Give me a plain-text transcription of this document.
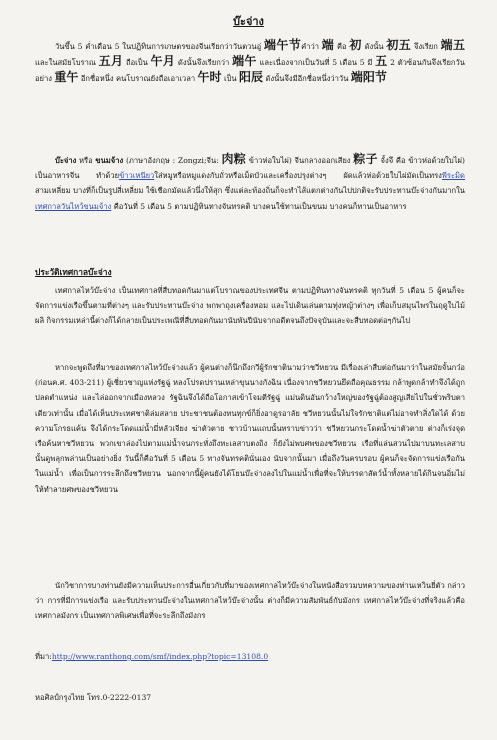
บ๊ะจ่าง
วันขึ้น 5 ค่ำเดือน 5 ในปฏิทินการเกษตรของจีนเรียกว่าวันตวนอู่ 端午节คำว่า 端 คือ 初 ดังนั้น 初五 จึงเรียก 端五 และในสมัยโบราณ 五月 ถือเป็น 午月 ดังนั้นจึงเรียกว่า 端午 และเนื่องจากเป็นวันที่ 5 เดือน 5 มี 五 2 ตัวซ้อนกันจึงเรียกวันอย่าง 重午 อีกชื่อหนึ่ง คนโบราณยังถือเอาเวลา 午时 เป็น 阳辰 ดังนั้นจึงมีอีกชื่อหนึ่งว่าวัน 端阳节
บ๊ะจ่าง หรือ ขนมจ้าง (ภาษาอังกฤษ : Zongzi;จีน: 肉粽 ข้าวห่อใบไผ่) จีนกลางออกเสียง 粽子 จั้งจึ คือ ข้าวห่อด้วยใบไผ่) เป็นอาหารจีน ทำด้วยข้าวเหนียวใส่หมูหรือหมูแดงกับถั่วหรือเม็ดบัวและเครื่องปรุงต่างๆ ผัดแล้วห่อด้วยใบไผ่มัดเป็นทรงพีระมิดสามเหลี่ยม บางที่ก็เป็นรูปสี่เหลี่ยม ใช้เชือกมัดแล้วนึ่งให้สุก ซึ่งแต่ละท้องถิ่นก็จะทำไส้แตกต่างกันไปปกติจะรับประทานบ๊ะจ่างกันมากในเทศกาลวันไหว้ขนมจ้าง คือวันที่ 5 เดือน 5 ตามปฏิทินทางจันทรคติ บางคนใช้ทานเป็นขนม บางคนก็ทานเป็นอาหาร
ประวัติเทศกาลบ๊ะจ่าง
เทศกาลไหว้บ๊ะจ่าง เป็นเทศกาลที่สืบทอดกันมาแต่โบราณของประเทศจีน ตามปฏิทินทางจันทรคติ ทุกวันที่ 5 เดือน 5 ผู้คนก็จะจัดการแข่งเรือขึ้นตามที่ต่างๆ และรับประทานบ๊ะจ่าง พกพาถุงเครื่องหอม และไปเดินเล่นตามทุ่งหญ้าต่างๆ เพื่อเก็บสมุนไพรในฤดูใบไม้ผลิ กิจกรรมเหล่านี้ต่างก็ได้กลายเป็นประเพณีที่สืบทอดกันมานับพันปีนับจากอดีตจนถึงปัจจุบันและจะสืบทอดต่อๆกันไป
หากจะพูดถึงที่มาของเทศกาลไหว้บ๊ะจ่างแล้ว ผู้คนต่างก็นึกถึงกวีผู้รักชาตินามว่าชวีหยวน มีเรื่องเล่าสืบต่อกันมาว่าในสมัยจั้นกว๋อ (ก่อนค.ศ. 403-211) ผู้เชี่ยวชาญแห่งรัฐฉู่ หลงโปรดปรานเหล่าขุนนางกังฉิน เนื่องจากชวีหยวนยึดถือคุณธรรม กล้าพูดกล้าทำจึงได้ถูกปลดตำแหน่ง และไล่ออกจากเมืองหลวง รัฐฉินจึงได้ถือโอกาสเข้าโจมตีรัฐฉู่ แม่นดินอันกว้างใหญ่ของรัฐฉู่ต้องสูญเสียไปในชั่วพริบตาเดียวเท่านั้น เมื่อได้เห็นประเทศชาติล่มสลาย ประชาชนต้องทนทุกข์ก็ยิ่งอาดูรอาลัย ชวีหยวนนั้นไม่ใจรักชาติแต่ไม่อาจทำสิ่งใดได้ ด้วยความโกรธแค้น จึงได้กระโดดแม่น้ำมี่หลัวเจียง ฆ่าตัวตาย ชาวบ้านแถบนั้นทราบข่าวว่า ชวีหยวนกระโดดน้ำฆ่าตัวตาย ต่างก็เร่งจุดเรือค้นหาชวีหยวน พวกเขาล่องไปตามแม่น้ำจนกระทั่งถึงทะเลสาบตงถิง ก็ยังไม่พบศพของชวีหยวน เรือที่แล่นสวนไปมาบนทะเลสาบนั้นดูพลุกพล่านเป็นอย่างยิ่ง วันนี้ก็คือวันที่ 5 เดือน 5 ทางจันทรคตินั่นเอง นับจากนั้นมา เมื่อถึงวันครบรอบ ผู้คนก็จะจัดการแข่งเรือกันในแม่น้ำ เพื่อเป็นการระลึกถึงชวีหยวน นอกจากนี้ผู้คนยังได้โยนบ๊ะจ่างลงไปในแม่น้ำเพื่อที่จะให้บรรดาสัตว์น้ำทั้งหลายได้กินจนอิ่มไม่ให้ทำลายศพของชวีหยวน
นักวิชาการบางท่านยังมีความเห็นประการอื่นเกี่ยวกับที่มาของเทศกาลไหว้บ๊ะจ่างในหนังสือรวมบทความของท่านเหวินยี่ตัว กล่าวว่า การที่มีการแข่งเรือ และรับประทานบ๊ะจ่างในเทศกาลไหว้บ๊ะจ่างนั้น ต่างก็มีความสัมพันธ์กับมังกร เทศกาลไหว้บ๊ะจ่างที่จริงแล้วคือเทศกาลมังกร เป็นเทศกาลพิเศษเพื่อที่จะระลึกถึงมังกร
ที่มา:http://www.ranthong.com/smf/index.php?topic=13108.0
หอศิลป์กรุงไทย โทร.0-2222-0137
